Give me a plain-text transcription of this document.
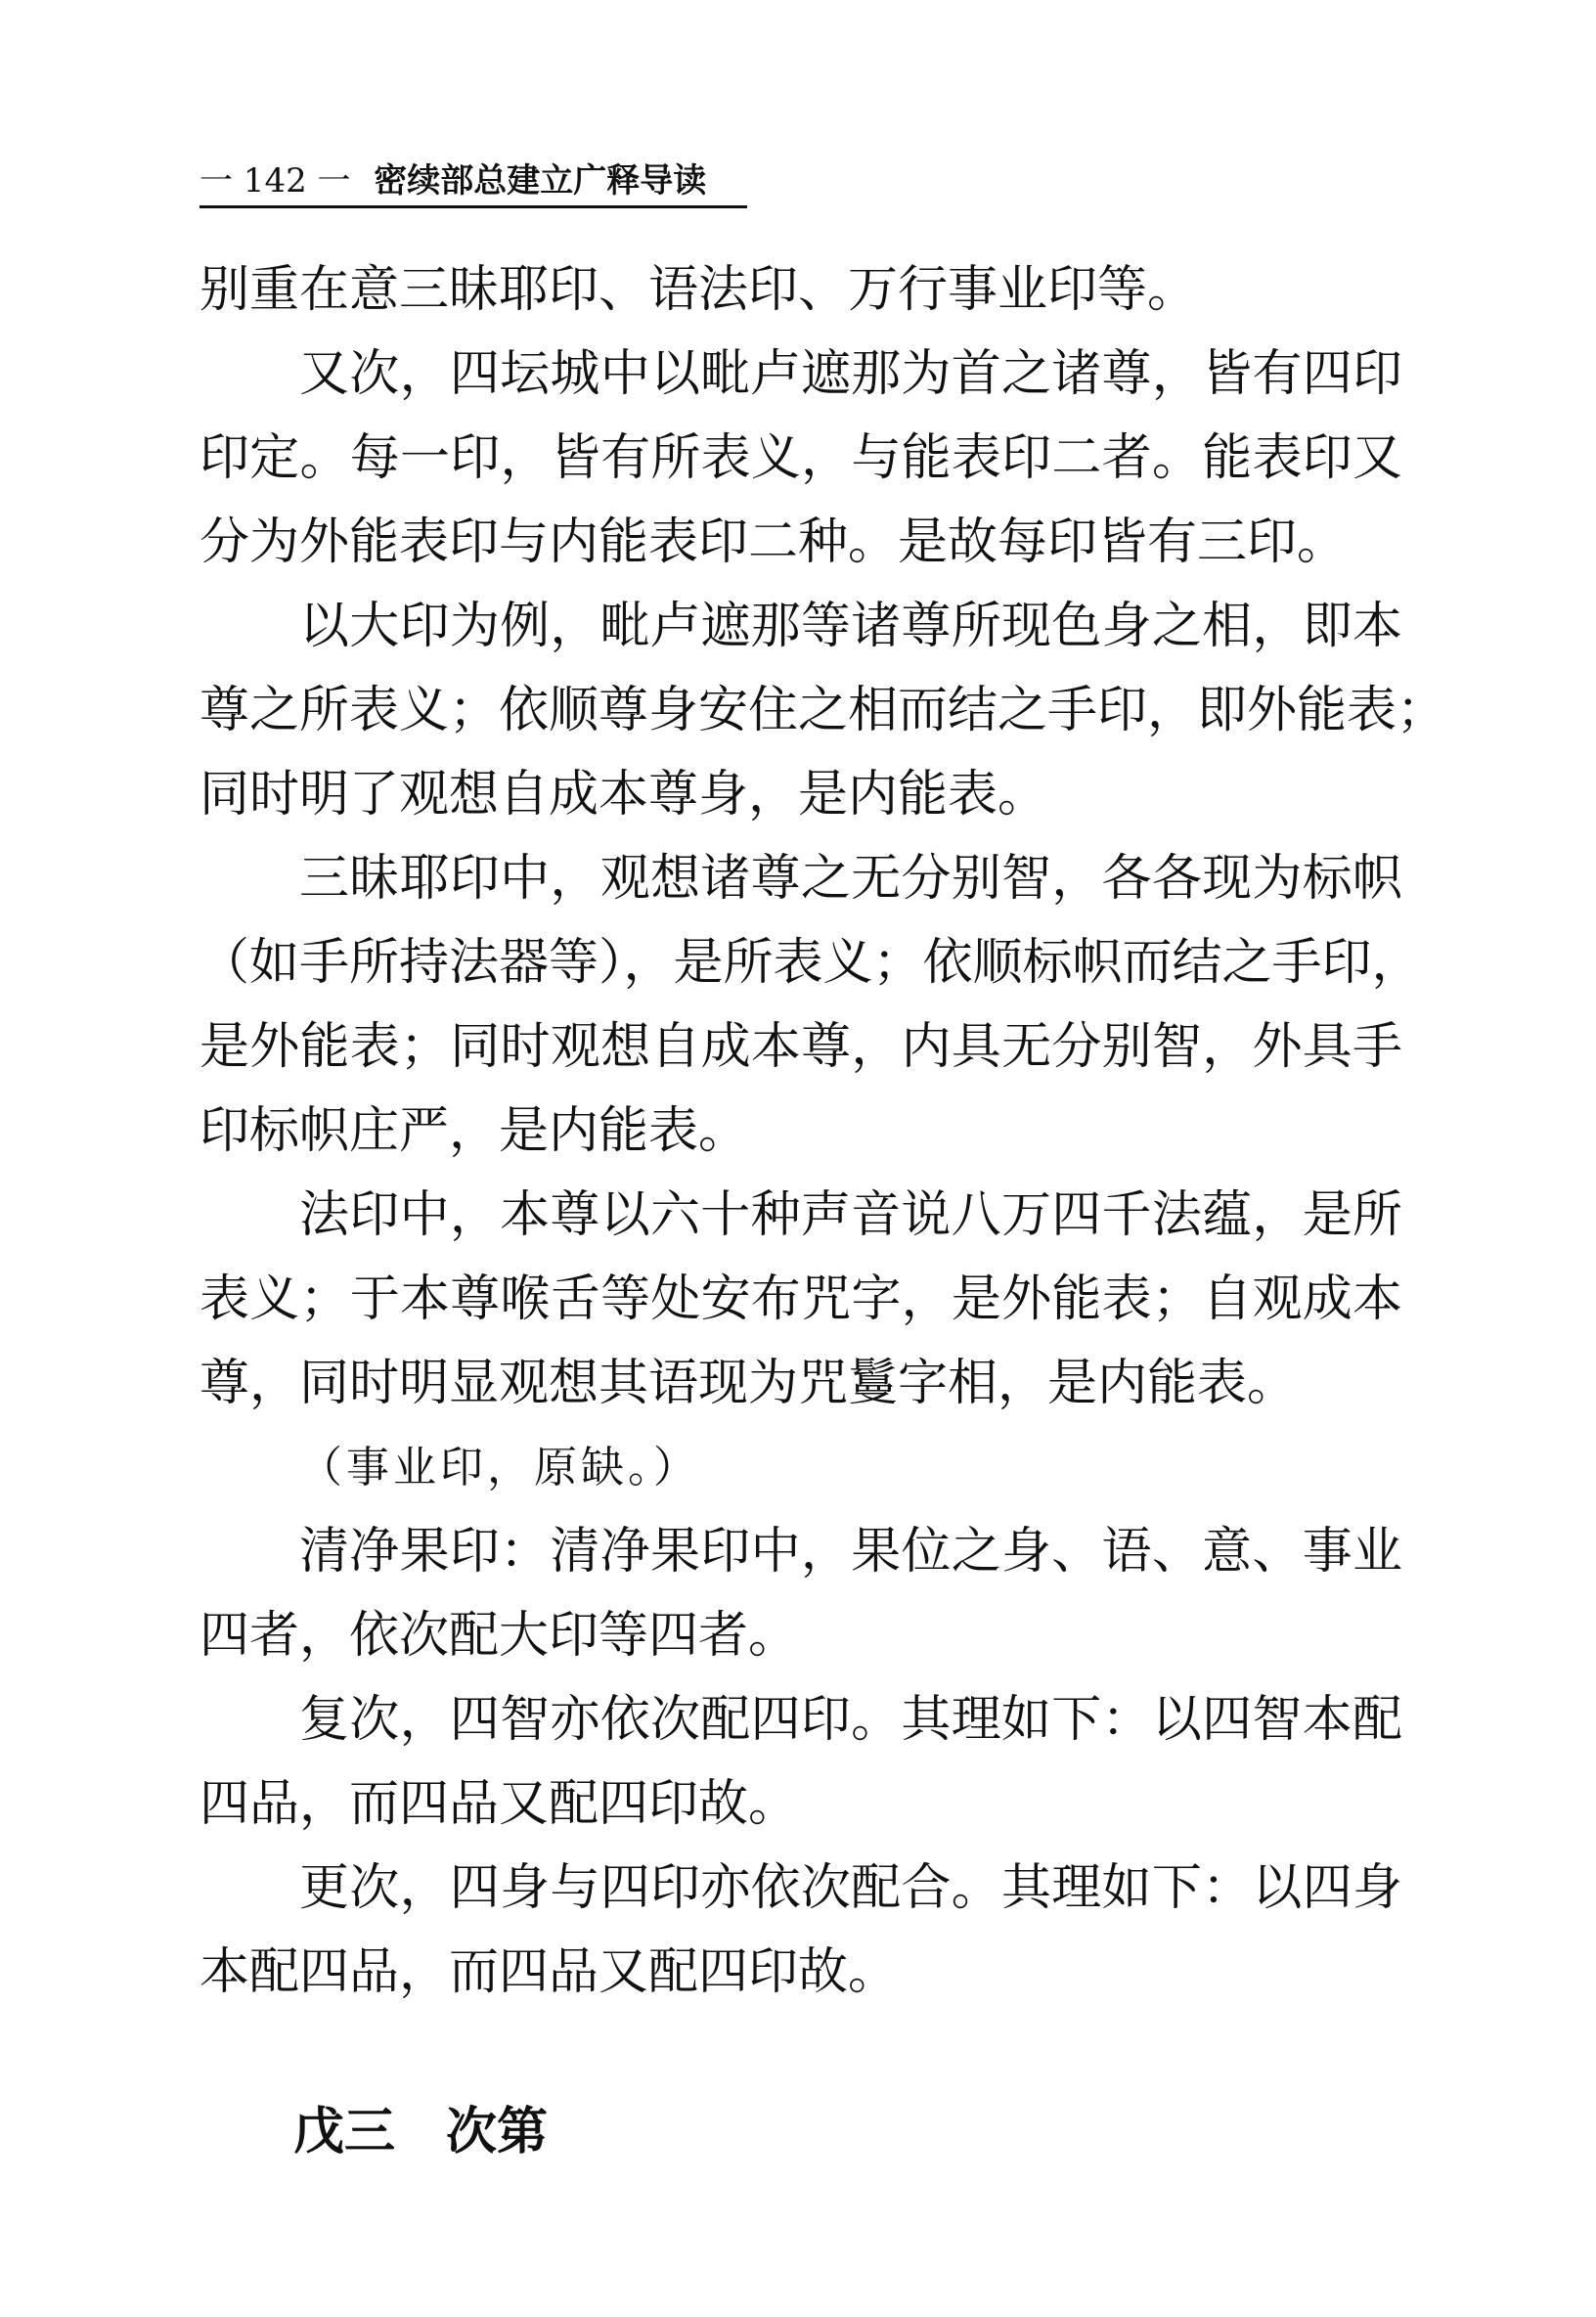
一 142 一 密续部总建立广释导读
别重在意三昧耶印、语法印、万行事业印等。
又次，四坛城中以毗卢遮那为首之诸尊，皆有四印
印定。每一印，皆有所表义，与能表印二者。能表印又
分为外能表印与内能表印二种。是故每印皆有三印。
以大印为例，毗卢遮那等诸尊所现色身之相，即本
尊之所表义；依顺尊身安住之相而结之手印，即外能表；
同时明了观想自成本尊身，是内能表。
三昧耶印中，观想诸尊之无分别智，各各现为标帜
（如手所持法器等），是所表义；依顺标帜而结之手印，
是外能表；同时观想自成本尊，内具无分别智，外具手
印标帜庄严，是内能表。
法印中，本尊以六十种声音说八万四千法蕴，是所
表义；于本尊喉舌等处安布咒字，是外能表；自观成本
尊，同时明显观想其语现为咒鬘字相，是内能表。
（事业印，原缺。）
清净果印：清净果印中，果位之身、语、意、事业
四者，依次配大印等四者。
复次，四智亦依次配四印。其理如下：以四智本配
四品，而四品又配四印故。
更次，四身与四印亦依次配合。其理如下：以四身
本配四品，而四品又配四印故。
戊三 次第
